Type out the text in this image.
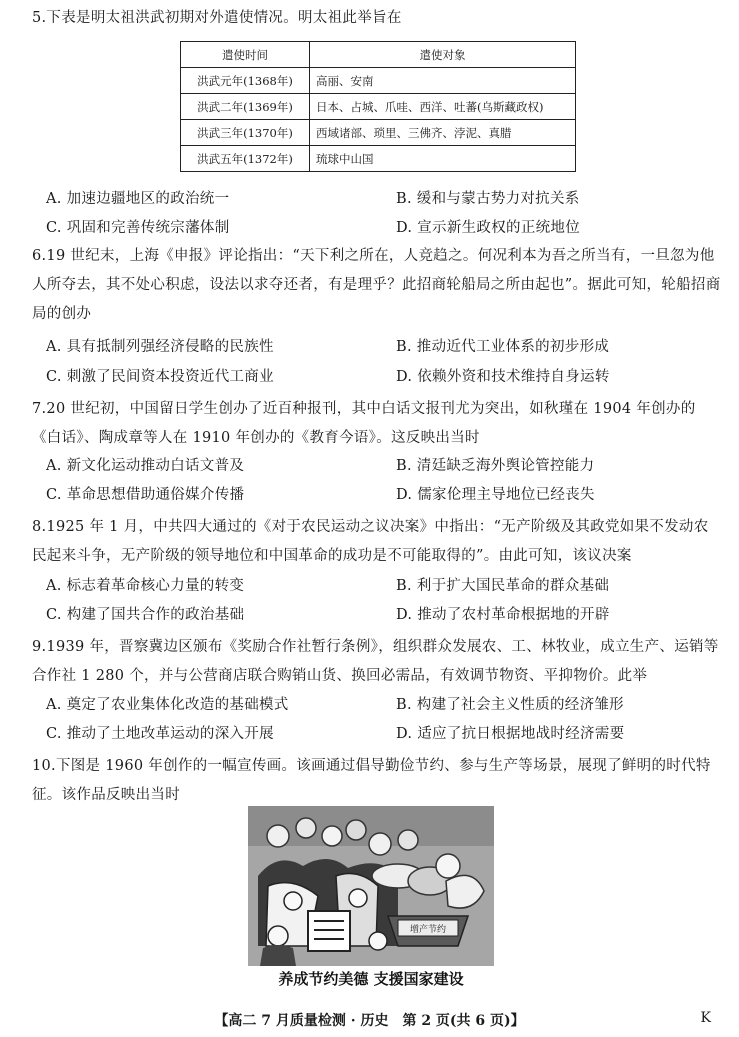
5.下表是明太祖洪武初期对外遣使情况。明太祖此举旨在
遣使时间	遣使对象
洪武元年(1368年)	高丽、安南
洪武二年(1369年)	日本、占城、爪哇、西洋、吐蕃(乌斯藏政权)
洪武三年(1370年)	西域诸部、琐里、三佛齐、浡泥、真腊
洪武五年(1372年)	琉球中山国
A. 加速边疆地区的政治统一	B. 缓和与蒙古势力对抗关系
C. 巩固和完善传统宗藩体制	D. 宣示新生政权的正统地位
6.19 世纪末，上海《申报》评论指出：“天下利之所在，人竞趋之。何况利本为吾之所当有，一旦忽为他人所夺去，其不处心积虑，设法以求夺还者，有是理乎？此招商轮船局之所由起也”。据此可知，轮船招商局的创办
A. 具有抵制列强经济侵略的民族性	B. 推动近代工业体系的初步形成
C. 刺激了民间资本投资近代工商业	D. 依赖外资和技术维持自身运转
7.20 世纪初，中国留日学生创办了近百种报刊，其中白话文报刊尤为突出，如秋瑾在 1904 年创办的《白话》、陶成章等人在 1910 年创办的《教育今语》。这反映出当时
A. 新文化运动推动白话文普及	B. 清廷缺乏海外舆论管控能力
C. 革命思想借助通俗媒介传播	D. 儒家伦理主导地位已经丧失
8.1925 年 1 月，中共四大通过的《对于农民运动之议决案》中指出：“无产阶级及其政党如果不发动农民起来斗争，无产阶级的领导地位和中国革命的成功是不可能取得的”。由此可知，该议决案
A. 标志着革命核心力量的转变	B. 利于扩大国民革命的群众基础
C. 构建了国共合作的政治基础	D. 推动了农村革命根据地的开辟
9.1939 年，晋察冀边区颁布《奖励合作社暂行条例》，组织群众发展农、工、林牧业，成立生产、运销等合作社 1 280 个，并与公营商店联合购销山货、换回必需品，有效调节物资、平抑物价。此举
A. 奠定了农业集体化改造的基础模式	B. 构建了社会主义性质的经济雏形
C. 推动了土地改革运动的深入开展	D. 适应了抗日根据地战时经济需要
10.下图是 1960 年创作的一幅宣传画。该画通过倡导勤俭节约、参与生产等场景，展现了鲜明的时代特征。该作品反映出当时
增产节约
养成节约美德 支援国家建设
【高二 7 月质量检测 · 历史　第 2 页(共 6 页)】	K
